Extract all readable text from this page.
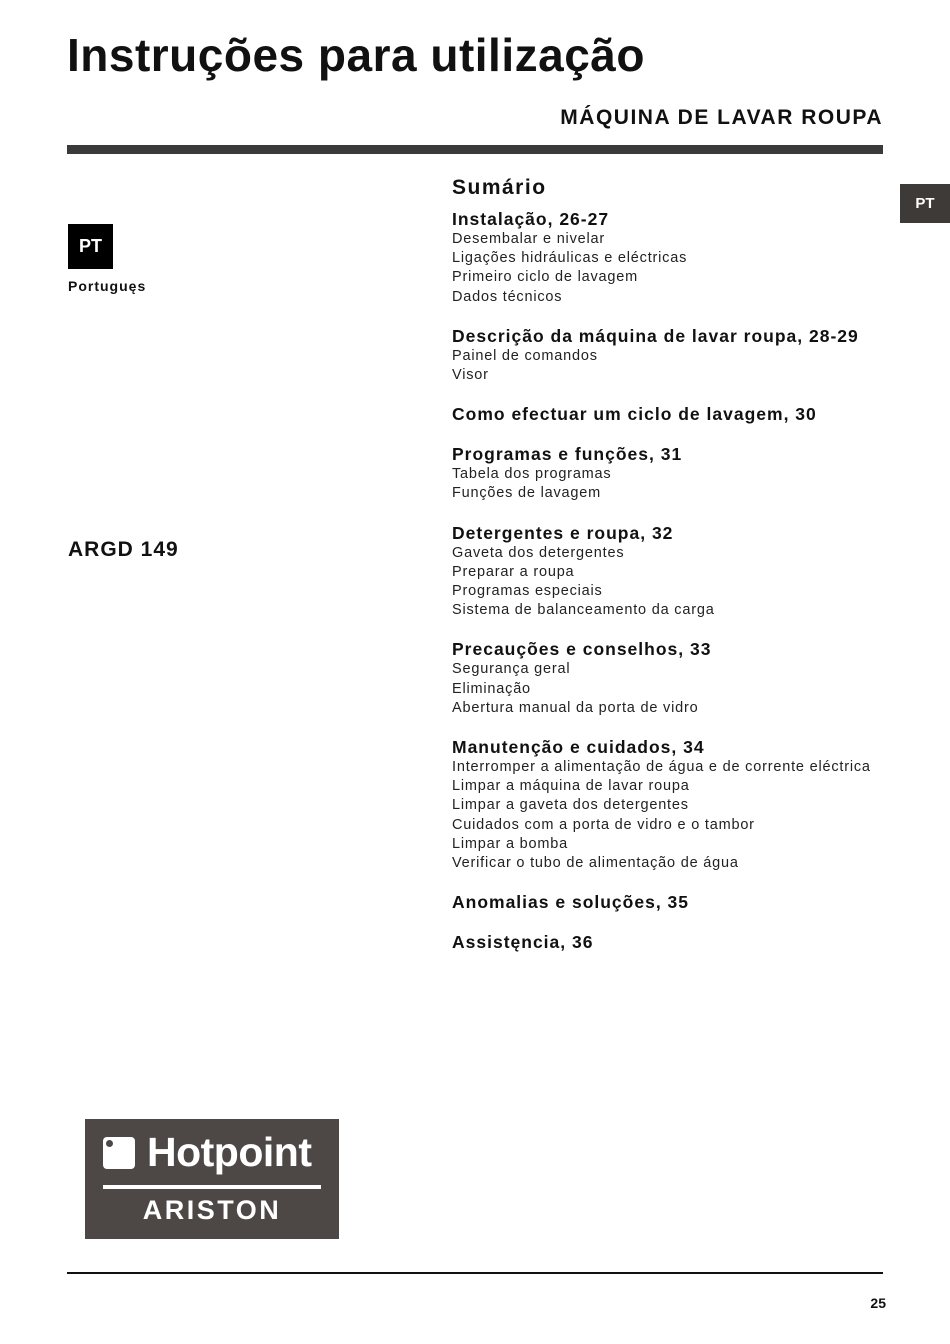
Instruções para utilização
MÁQUINA DE LAVAR ROUPA
PT
PT
Portuguęs
ARGD 149
Sumário
Instalação, 26-27
Desembalar e nivelar
Ligações hidráulicas e eléctricas
Primeiro ciclo de lavagem
Dados técnicos
Descrição da máquina de lavar roupa, 28-29
Painel de comandos
Visor
Como efectuar um ciclo de lavagem, 30
Programas e funções, 31
Tabela dos programas
Funções de lavagem
Detergentes e roupa, 32
Gaveta dos detergentes
Preparar a roupa
Programas especiais
Sistema de balanceamento da carga
Precauções e conselhos, 33
Segurança geral
Eliminação
Abertura manual da porta de vidro
Manutenção e cuidados, 34
Interromper a alimentação de água e de corrente eléctrica
Limpar a máquina de lavar roupa
Limpar a gaveta dos detergentes
Cuidados com a porta de vidro e o tambor
Limpar a bomba
Verificar o tubo de alimentação de água
Anomalias e soluções, 35
Assistęncia, 36
Hotpoint
ARISTON
25
